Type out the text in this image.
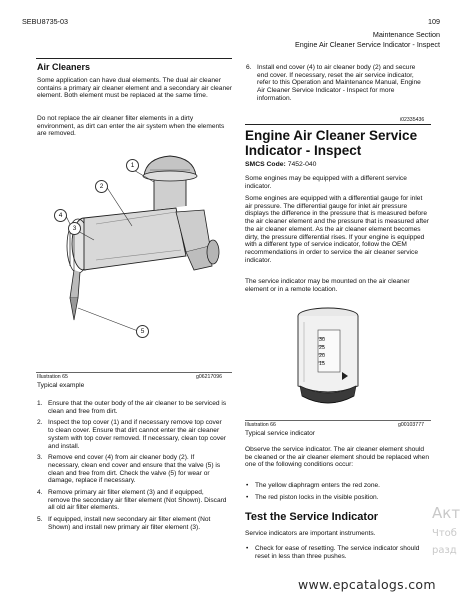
SEBU8735-03	109
Maintenance Section
Engine Air Cleaner Service Indicator - Inspect
Air Cleaners
Some application can have dual elements. The dual air cleaner contains a primary air cleaner element and a secondary air cleaner element. Both element must be replaced at the same time.
Do not replace the air cleaner filter elements in a dirty environment, as dirt can enter the air system when the elements are removed.
1
2
3
4
5
Illustration 65	g06217096
Typical example
1. Ensure that the outer body of the air cleaner to be serviced is clean and free from dirt.
2. Inspect the top cover (1) and if necessary remove top cover to clean cover. Ensure that dirt cannot enter the air cleaner system with top cover removed. If necessary, clean top cover and install.
3. Remove end cover (4) from air cleaner body (2). If necessary, clean end cover and ensure that the valve (5) is clean and free from dirt. Check the valve (5) for wear or damage, replace if necessary.
4. Remove primary air filter element (3) and if equipped, remove the secondary air filter element (Not Shown). Discard all old air filter elements.
5. If equipped, install new secondary air filter element (Not Shown) and install new primary air filter element (3).
6. Install end cover (4) to air cleaner body (2) and secure end cover. If necessary, reset the air service indicator, refer to this Operation and Maintenance Manual, Engine Air Cleaner Service Indicator - Inspect for more information.
i02335436
Engine Air Cleaner Service Indicator - Inspect
SMCS Code: 7452-040
Some engines may be equipped with a different service indicator.
Some engines are equipped with a differential gauge for inlet air pressure. The differential gauge for inlet air pressure displays the difference in the pressure that is measured before the air cleaner element and the pressure that is measured after the air cleaner element. As the air cleaner element becomes dirty, the pressure differential rises. If your engine is equipped with a different type of service indicator, follow the OEM recommendations in order to service the air cleaner service indicator.
The service indicator may be mounted on the air cleaner element or in a remote location.
30
25
20
15
Illustration 66	g00103777
Typical service indicator
Observe the service indicator. The air cleaner element should be cleaned or the air cleaner element should be replaced when one of the following conditions occur:
• The yellow diaphragm enters the red zone.
• The red piston locks in the visible position.
Test the Service Indicator
Service indicators are important instruments.
• Check for ease of resetting. The service indicator should reset in less than three pushes.
Акт
Чтоб
разд
www.epcatalogs.com
